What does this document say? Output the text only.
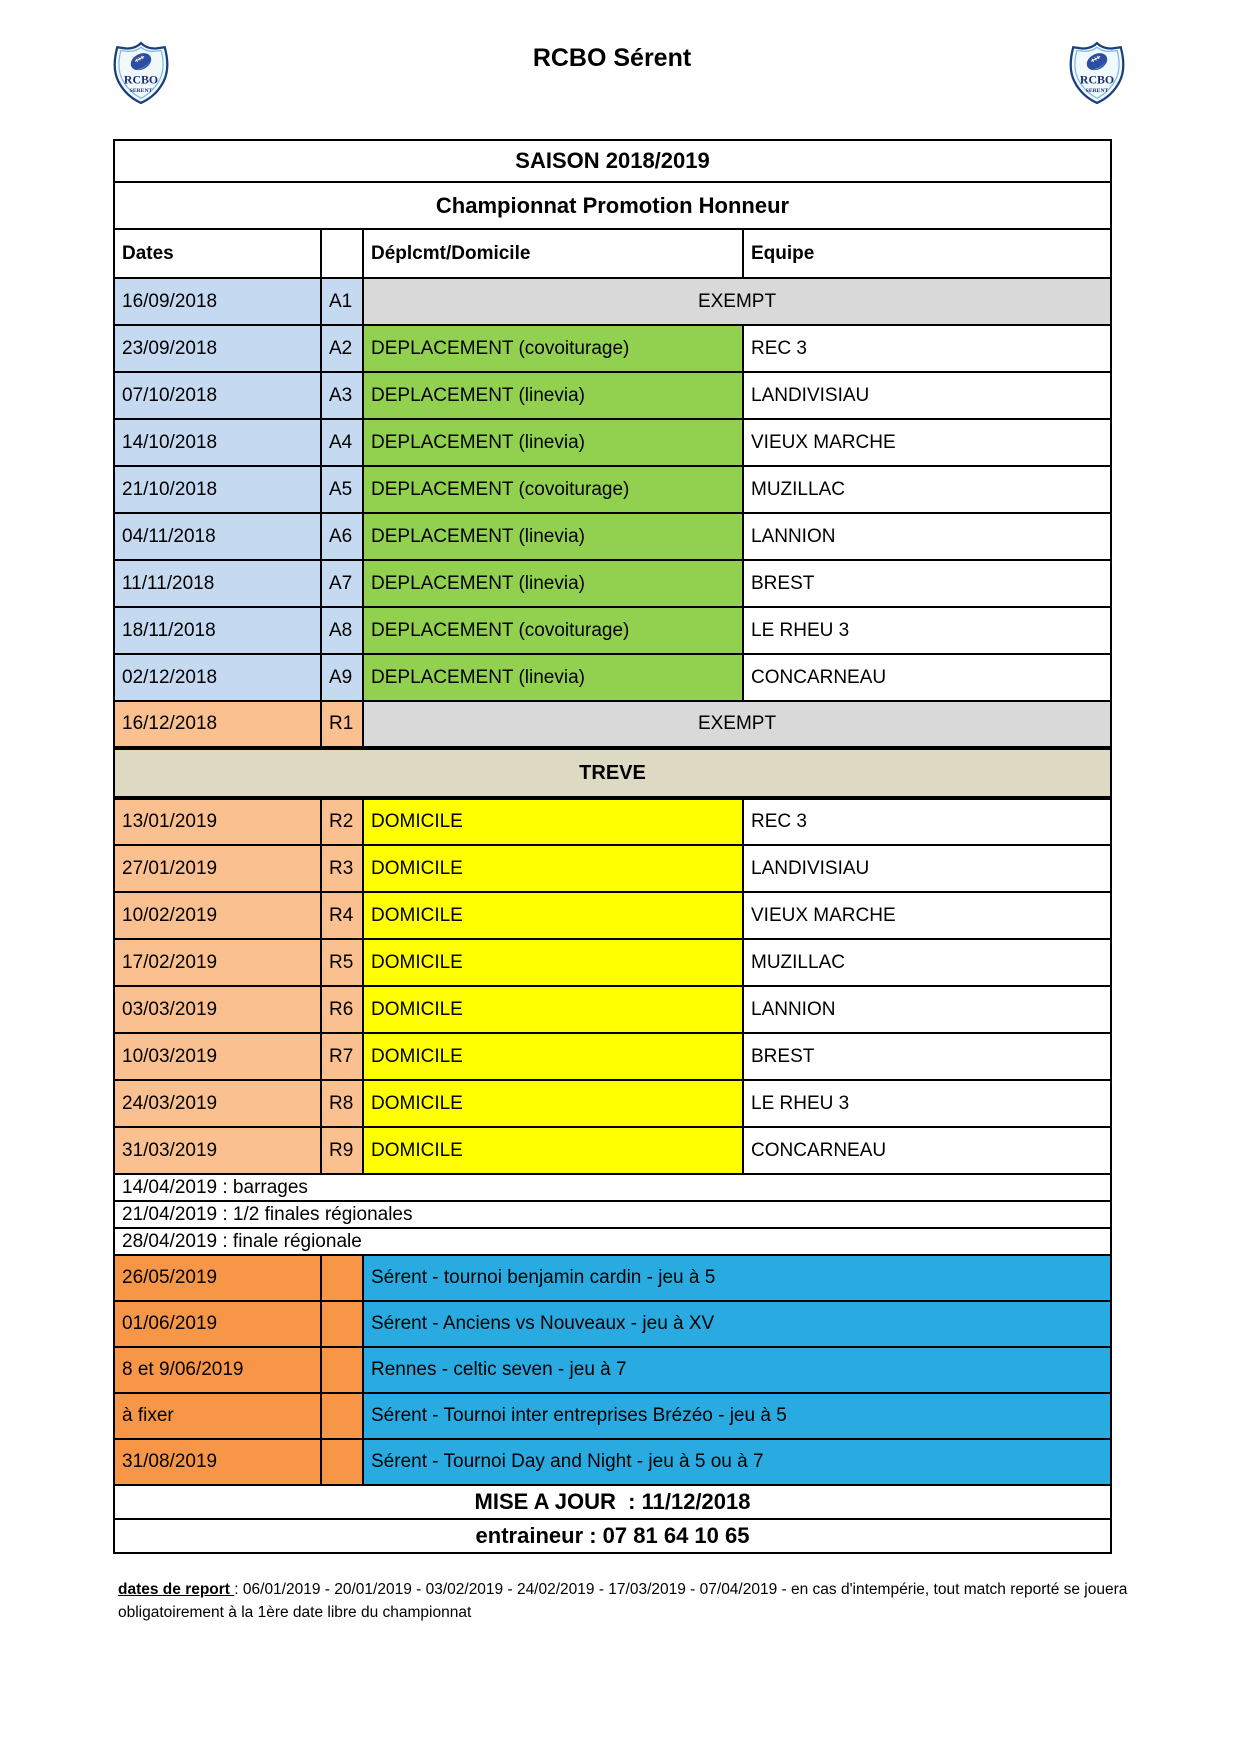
RCBO
SERENT
RCBO
SERENT
RCBO Sérent
SAISON 2018/2019			
Championnat Promotion Honneur			
Dates		Déplcmt/Domicile	Equipe
16/09/2018	A1	EXEMPT	
23/09/2018	A2	DEPLACEMENT (covoiturage)	REC 3
07/10/2018	A3	DEPLACEMENT (linevia)	LANDIVISIAU
14/10/2018	A4	DEPLACEMENT (linevia)	VIEUX MARCHE
21/10/2018	A5	DEPLACEMENT (covoiturage)	MUZILLAC
04/11/2018	A6	DEPLACEMENT (linevia)	LANNION
11/11/2018	A7	DEPLACEMENT (linevia)	BREST
18/11/2018	A8	DEPLACEMENT (covoiturage)	LE RHEU 3
02/12/2018	A9	DEPLACEMENT (linevia)	CONCARNEAU
16/12/2018	R1	EXEMPT	
TREVE			
13/01/2019	R2	DOMICILE	REC 3
27/01/2019	R3	DOMICILE	LANDIVISIAU
10/02/2019	R4	DOMICILE	VIEUX MARCHE
17/02/2019	R5	DOMICILE	MUZILLAC
03/03/2019	R6	DOMICILE	LANNION
10/03/2019	R7	DOMICILE	BREST
24/03/2019	R8	DOMICILE	LE RHEU 3
31/03/2019	R9	DOMICILE	CONCARNEAU
14/04/2019 : barrages			
21/04/2019 : 1/2 finales régionales			
28/04/2019 : finale régionale			
26/05/2019		Sérent - tournoi benjamin cardin - jeu à 5	
01/06/2019		Sérent - Anciens vs Nouveaux - jeu à XV	
8 et 9/06/2019		Rennes - celtic seven - jeu à 7	
à fixer		Sérent - Tournoi inter entreprises Brézéo - jeu à 5	
31/08/2019		Sérent - Tournoi Day and Night - jeu à 5 ou à 7	
MISE A JOUR  : 11/12/2018			
entraineur : 07 81 64 10 65			
dates de report : 06/01/2019 - 20/01/2019 - 03/02/2019 - 24/02/2019 - 17/03/2019 - 07/04/2019 - en cas d'intempérie, tout match reporté se jouera obligatoirement à la 1ère date libre du championnat
